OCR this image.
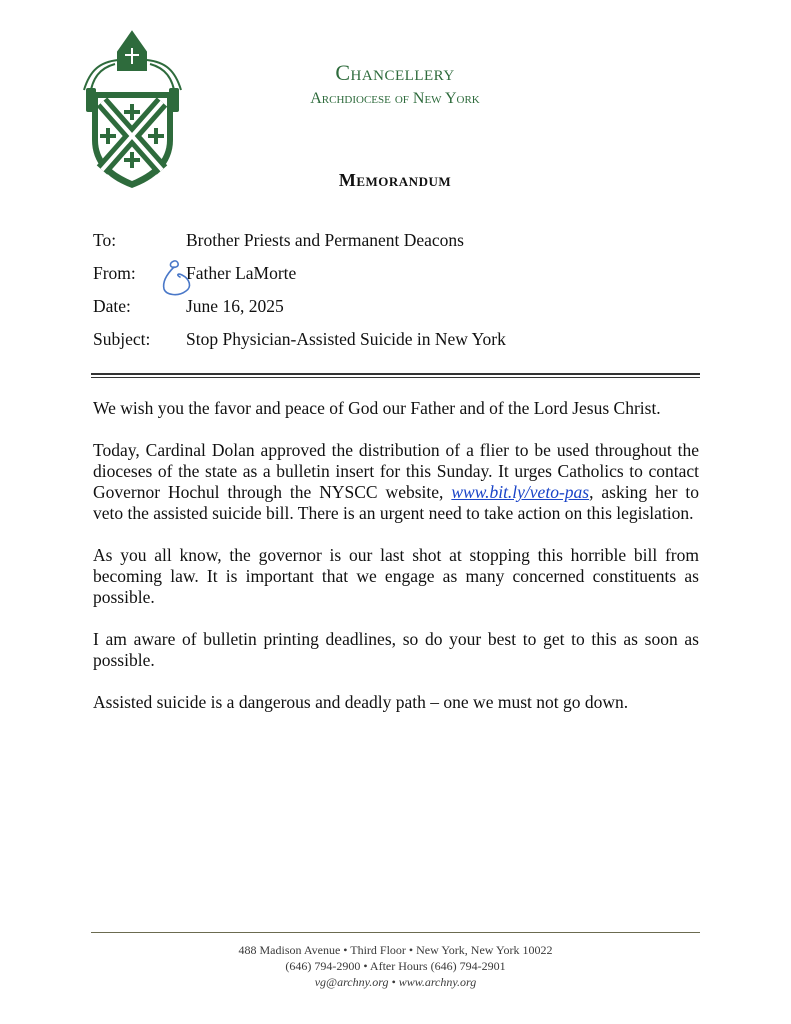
Chancellery
Archdiocese of New York
Memorandum
To:	Brother Priests and Permanent Deacons
From:	Father LaMorte
Date:	June 16, 2025
Subject: Stop Physician-Assisted Suicide in New York

We wish you the favor and peace of God our Father and of the Lord Jesus Christ.

Today, Cardinal Dolan approved the distribution of a flier to be used throughout the dioceses of the state as a bulletin insert for this Sunday. It urges Catholics to contact Governor Hochul through the NYSCC website, www.bit.ly/veto-pas, asking her to veto the assisted suicide bill. There is an urgent need to take action on this legislation.

As you all know, the governor is our last shot at stopping this horrible bill from becoming law. It is important that we engage as many concerned constituents as possible.

I am aware of bulletin printing deadlines, so do your best to get to this as soon as possible.

Assisted suicide is a dangerous and deadly path – one we must not go down.

488 Madison Avenue • Third Floor • New York, New York 10022
(646) 794-2900 • After Hours (646) 794-2901
vg@archny.org • www.archny.org
